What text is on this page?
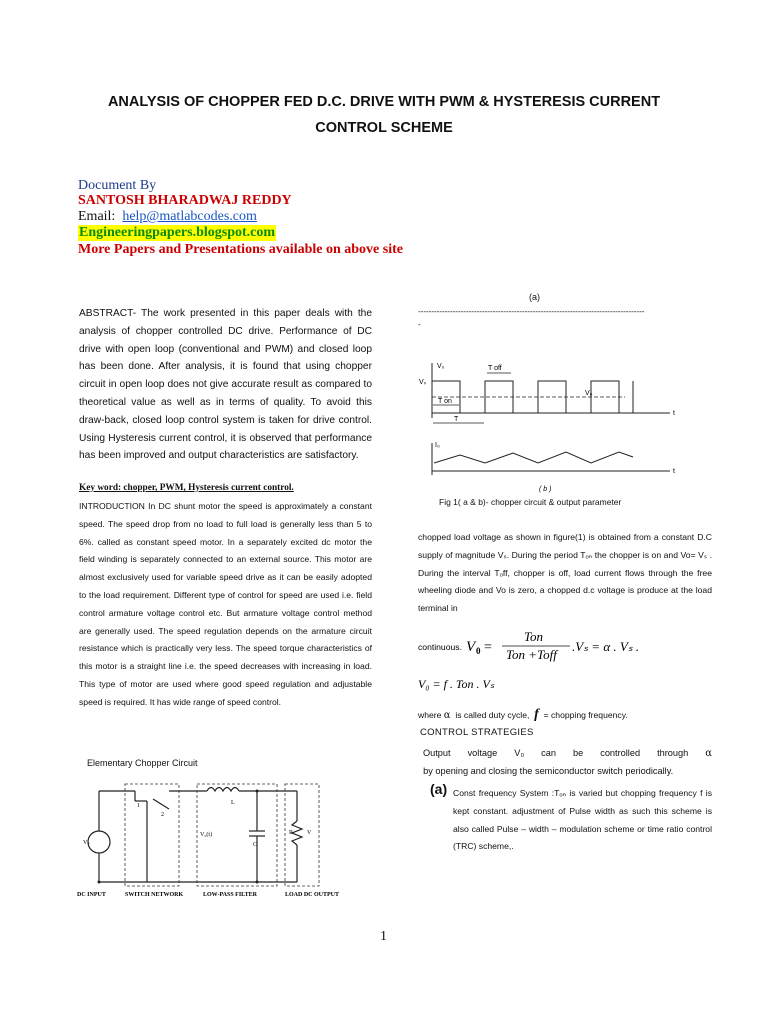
ANALYSIS OF CHOPPER FED D.C. DRIVE WITH PWM & HYSTERESIS CURRENT
CONTROL SCHEME
Document By
SANTOSH BHARADWAJ REDDY
Email:  help@matlabcodes.com
Engineeringpapers.blogspot.com
More Papers and Presentations available on above site
ABSTRACT- The work presented in this paper deals with the analysis of chopper controlled DC drive. Performance of DC drive with open loop (conventional and PWM) and closed loop has been done. After analysis, it is found that using chopper circuit in open loop does not give accurate result as compared to theoretical value as well as in terms of quality. To avoid this draw-back, closed loop control system is taken for drive control. Using Hysteresis current control, it is observed that performance has been improved and output characteristics are satisfactory.
Key word: chopper, PWM, Hysteresis current control.
INTRODUCTION In DC shunt motor the speed is approximately a constant speed. The speed drop from no load to full load is generally less than 5 to 6%. called as constant speed motor. In a separately excited dc motor the field winding is separately connected to an external source. This motor are almost exclusively used for variable speed drive as it can be easily adopted to the load requirement. Different type of control for speed are used i.e. field control armature voltage control etc. But armature voltage control method are generally used. The speed regulation depends on the armature circuit resistance which is practically very less. The speed torque characteristics of this motor is a straight line i.e. the speed decreases with increasing in load. This type of motor are used where good speed regulation and adjustable speed is required. It has wide range of speed control.
Elementary Chopper Circuit
1
2
L
C
V₀(t)	R V
Vₛ
DC INPUT	SWITCH NETWORK	LOW-PASS FILTER	LOAD DC OUTPUT
(a)
-------------------------------------------------------------------------------------
-
V₀
Vₛ
T off
T on
T
V₀
t
I₀
t
( b )
Fig 1( a & b)- chopper circuit & output parameter
chopped load voltage as shown in figure(1) is obtained from a constant D.C supply of magnitude Vₛ. During the period Tₒₙ the chopper is on and Vo= Vₛ . During the interval Tₒff, chopper is off, load current flows through the free wheeling diode and Vo is zero, a chopped d.c voltage is produce at the load terminal in
continuous. V 0 =
Ton
Ton +Toff
.Vₛ = α . Vₛ .
V₀ = f . Ton . Vₛ
where α  is called duty cycle,  f  = chopping frequency.
CONTROL STRATEGIES
Output voltage V₀ can be controlled through α  by opening and closing the semiconductor switch periodically.
(a) Const frequency System :Tₒₙ is varied but chopping frequency f is kept constant. adjustment of Pulse width as such this scheme is also called Pulse – width – modulation scheme or time ratio control (TRC) scheme,.
1
